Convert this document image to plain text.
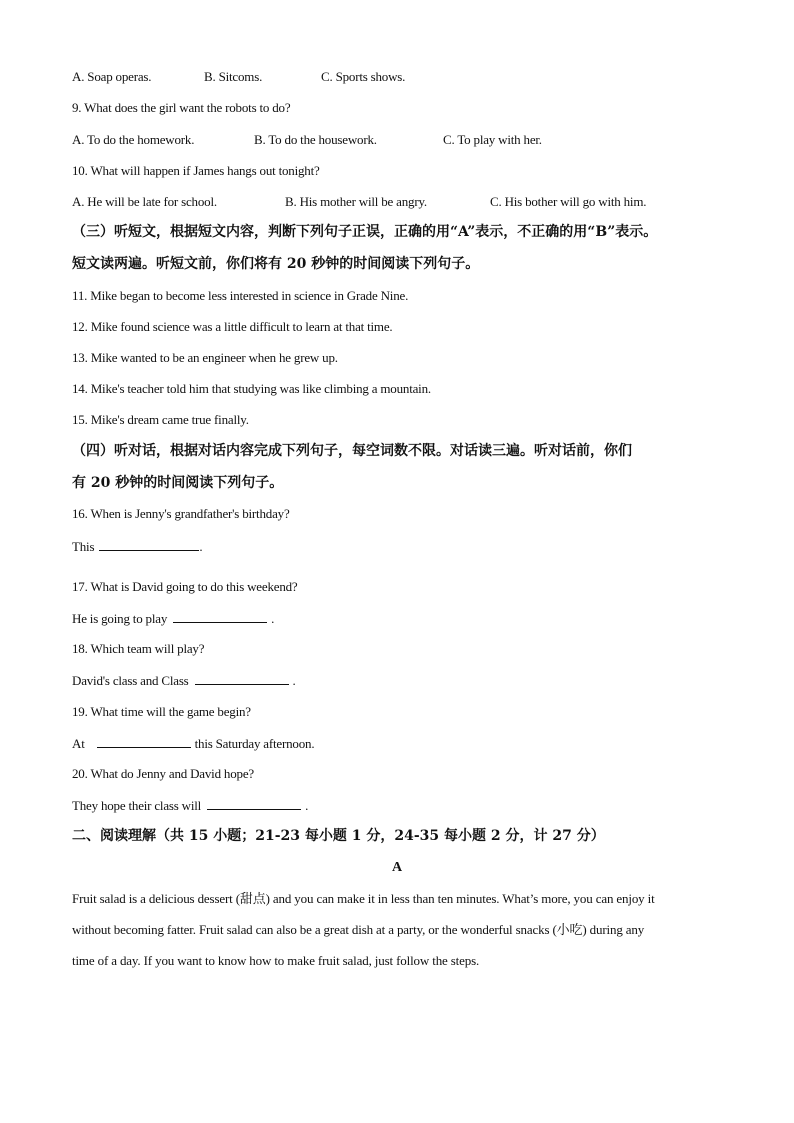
A. Soap operas.	B. Sitcoms.	C. Sports shows.
9. What does the girl want the robots to do?
A. To do the homework.	B. To do the housework.	C. To play with her.
10. What will happen if James hangs out tonight?
A. He will be late for school.	B. His mother will be angry.	C. His bother will go with him.
（三）听短文，根据短文内容，判断下列句子正误，正确的用“A”表示，不正确的用“B”表示。
短文读两遍。听短文前，你们将有 20 秒钟的时间阅读下列句子。
11. Mike began to become less interested in science in Grade Nine.
12. Mike found science was a little difficult to learn at that time.
13. Mike wanted to be an engineer when he grew up.
14. Mike's teacher told him that studying was like climbing a mountain.
15. Mike's dream came true finally.
（四）听对话，根据对话内容完成下列句子，每空词数不限。对话读三遍。听对话前，你们
有 20 秒钟的时间阅读下列句子。
16. When is Jenny's grandfather's birthday?
This	.
17. What is David going to do this weekend?
He is going to play	.
18. Which team will play?
David's class and Class	.
19. What time will the game begin?
At	this Saturday afternoon.
20. What do Jenny and David hope?
They hope their class will	.
二、阅读理解（共 15 小题；21-23 每小题 1 分，24-35 每小题 2 分，计 27 分）
A
Fruit salad is a delicious dessert (甜点) and you can make it in less than ten minutes. What’s more, you can enjoy it
without becoming fatter. Fruit salad can also be a great dish at a party, or the wonderful snacks (小吃) during any
time of a day. If you want to know how to make fruit salad, just follow the steps.
